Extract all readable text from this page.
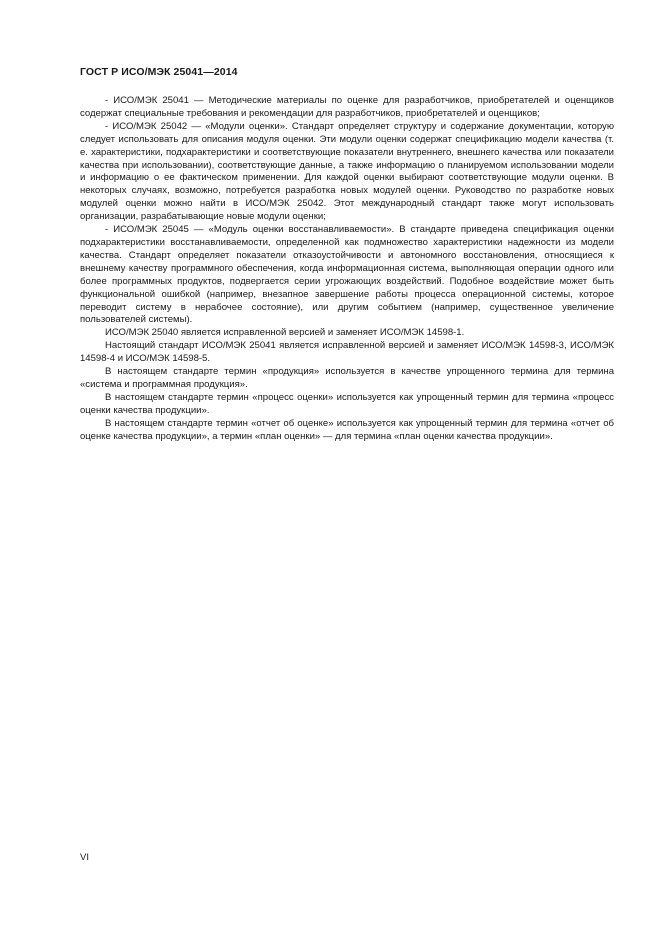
ГОСТ Р ИСО/МЭК 25041—2014

- ИСО/МЭК 25041 — Методические материалы по оценке для разработчиков, приобретателей и оценщиков содержат специальные требования и рекомендации для разработчиков, приобретателей и оценщиков;

- ИСО/МЭК 25042 — «Модули оценки». Стандарт определяет структуру и содержание документации, которую следует использовать для описания модуля оценки. Эти модули оценки содержат спецификацию модели качества (т. е. характеристики, подхарактеристики и соответствующие показатели внутреннего, внешнего качества или показатели качества при использовании), соответствующие данные, а также информацию о планируемом использовании модели и информацию о ее фактическом применении. Для каждой оценки выбирают соответствующие модули оценки. В некоторых случаях, возможно, потребуется разработка новых модулей оценки. Руководство по разработке новых модулей оценки можно найти в ИСО/МЭК 25042. Этот международный стандарт также могут использовать организации, разрабатывающие новые модули оценки;

- ИСО/МЭК 25045 — «Модуль оценки восстанавливаемости». В стандарте приведена спецификация оценки подхарактеристики восстанавливаемости, определенной как подмножество характеристики надежности из модели качества. Стандарт определяет показатели отказоустойчивости и автономного восстановления, относящиеся к внешнему качеству программного обеспечения, когда информационная система, выполняющая операции одного или более программных продуктов, подвергается серии угрожающих воздействий. Подобное воздействие может быть функциональной ошибкой (например, внезапное завершение работы процесса операционной системы, которое переводит систему в нерабочее состояние), или другим событием (например, существенное увеличение пользователей системы).

ИСО/МЭК 25040 является исправленной версией и заменяет ИСО/МЭК 14598-1.

Настоящий стандарт ИСО/МЭК 25041 является исправленной версией и заменяет ИСО/МЭК 14598-3, ИСО/МЭК 14598-4 и ИСО/МЭК 14598-5.

В настоящем стандарте термин «продукция» используется в качестве упрощенного термина для термина «система и программная продукция».

В настоящем стандарте термин «процесс оценки» используется как упрощенный термин для термина «процесс оценки качества продукции».

В настоящем стандарте термин «отчет об оценке» используется как упрощенный термин для термина «отчет об оценке качества продукции», а термин «план оценки» — для термина «план оценки качества продукции».

VI
